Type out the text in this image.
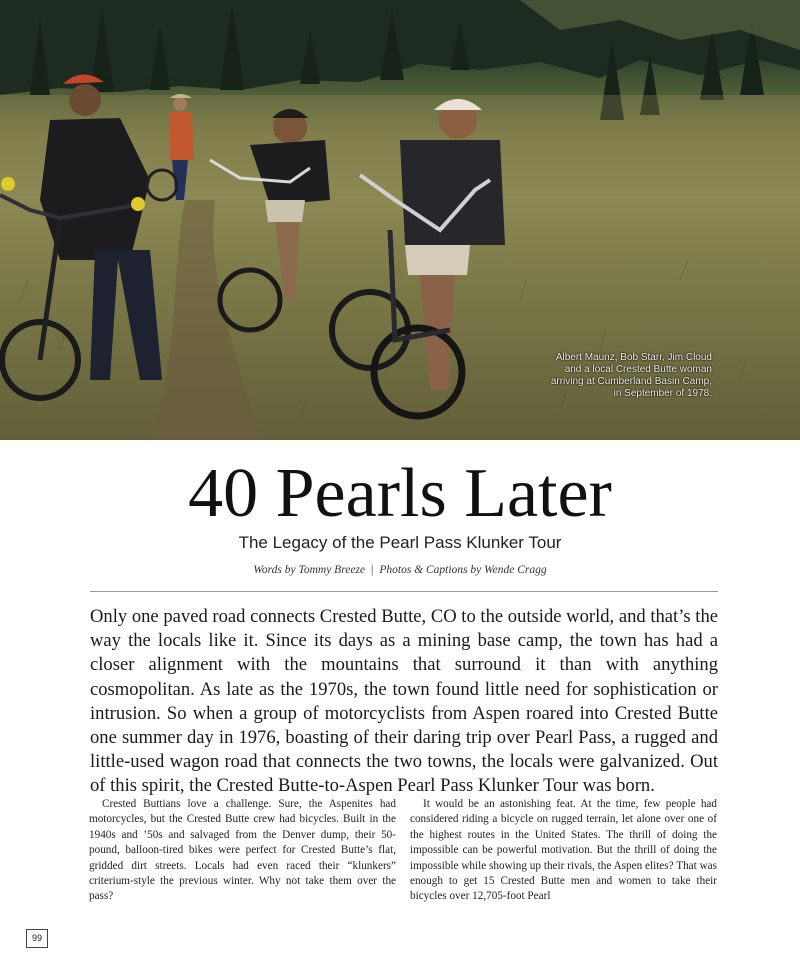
Albert Maunz, Bob Starr, Jim Cloud
and a local Crested Butte woman
arriving at Cumberland Basin Camp,
in September of 1978.
40 Pearls Later
The Legacy of the Pearl Pass Klunker Tour
Words by Tommy Breeze | Photos & Captions by Wende Cragg

Only one paved road connects Crested Butte, CO to the outside world, and that’s the way the locals like it. Since its days as a mining base camp, the town has had a closer alignment with the mountains that surround it than with anything cosmopolitan. As late as the 1970s, the town found little need for sophistication or intrusion. So when a group of motorcyclists from Aspen roared into Crested Butte one summer day in 1976, boasting of their daring trip over Pearl Pass, a rugged and little-used wagon road that connects the two towns, the locals were galvanized. Out of this spirit, the Crested Butte-to-Aspen Pearl Pass Klunker Tour was born.

Crested Buttians love a challenge. Sure, the Aspenites had motorcycles, but the Crested Butte crew had bicycles. Built in the 1940s and ’50s and salvaged from the Denver dump, their 50-pound, balloon-tired bikes were perfect for Crested Butte’s flat, gridded dirt streets. Locals had even raced their “klunkers” criterium-style the previous winter. Why not take them over the pass?

It would be an astonishing feat. At the time, few people had considered riding a bicycle on rugged terrain, let alone over one of the highest routes in the United States. The thrill of doing the impossible can be powerful motivation. But the thrill of doing the impossible while showing up their rivals, the Aspen elites? That was enough to get 15 Crested Butte men and women to take their bicycles over 12,705-foot Pearl

99
